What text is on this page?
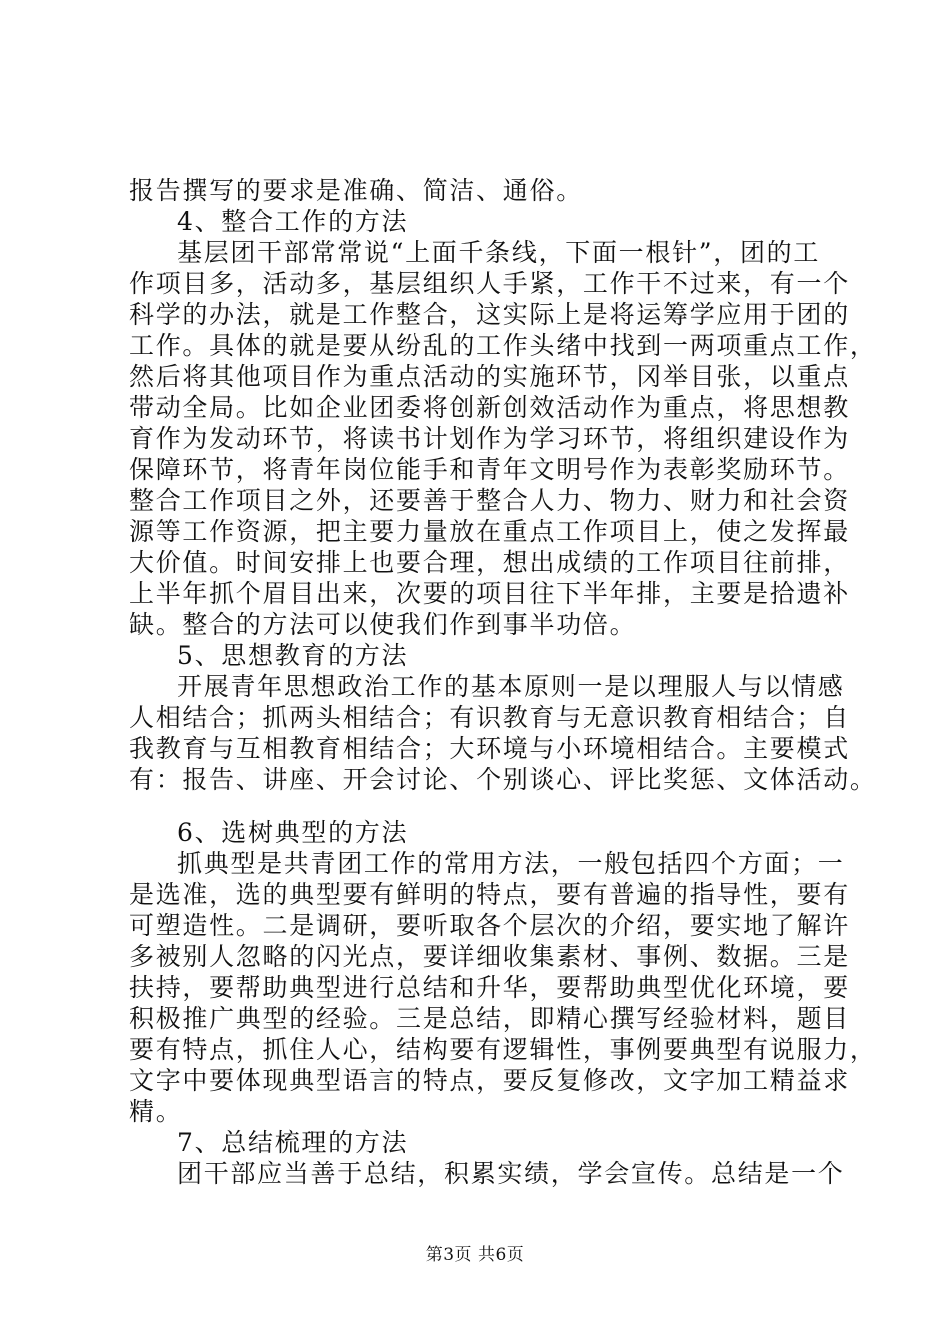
报告撰写的要求是准确、简洁、通俗。
4、整合工作的方法
基层团干部常常说“上面千条线，下面一根针”，团的工
作项目多，活动多，基层组织人手紧，工作干不过来，有一个
科学的办法，就是工作整合，这实际上是将运筹学应用于团的
工作。具体的就是要从纷乱的工作头绪中找到一两项重点工作，
然后将其他项目作为重点活动的实施环节，冈举目张，以重点
带动全局。比如企业团委将创新创效活动作为重点，将思想教
育作为发动环节，将读书计划作为学习环节，将组织建设作为
保障环节，将青年岗位能手和青年文明号作为表彰奖励环节。
整合工作项目之外，还要善于整合人力、物力、财力和社会资
源等工作资源，把主要力量放在重点工作项目上，使之发挥最
大价值。时间安排上也要合理，想出成绩的工作项目往前排，
上半年抓个眉目出来，次要的项目往下半年排，主要是拾遗补
缺。整合的方法可以使我们作到事半功倍。
5、思想教育的方法
开展青年思想政治工作的基本原则一是以理服人与以情感
人相结合；抓两头相结合；有识教育与无意识教育相结合；自
我教育与互相教育相结合；大环境与小环境相结合。主要模式
有：报告、讲座、开会讨论、个别谈心、评比奖惩、文体活动。
6、选树典型的方法
抓典型是共青团工作的常用方法，一般包括四个方面；一
是选准，选的典型要有鲜明的特点，要有普遍的指导性，要有
可塑造性。二是调研，要听取各个层次的介绍，要实地了解许
多被别人忽略的闪光点，要详细收集素材、事例、数据。三是
扶持，要帮助典型进行总结和升华，要帮助典型优化环境，要
积极推广典型的经验。三是总结，即精心撰写经验材料，题目
要有特点，抓住人心，结构要有逻辑性，事例要典型有说服力，
文字中要体现典型语言的特点，要反复修改，文字加工精益求
精。
7、总结梳理的方法
团干部应当善于总结，积累实绩，学会宣传。总结是一个
第3页 共6页
